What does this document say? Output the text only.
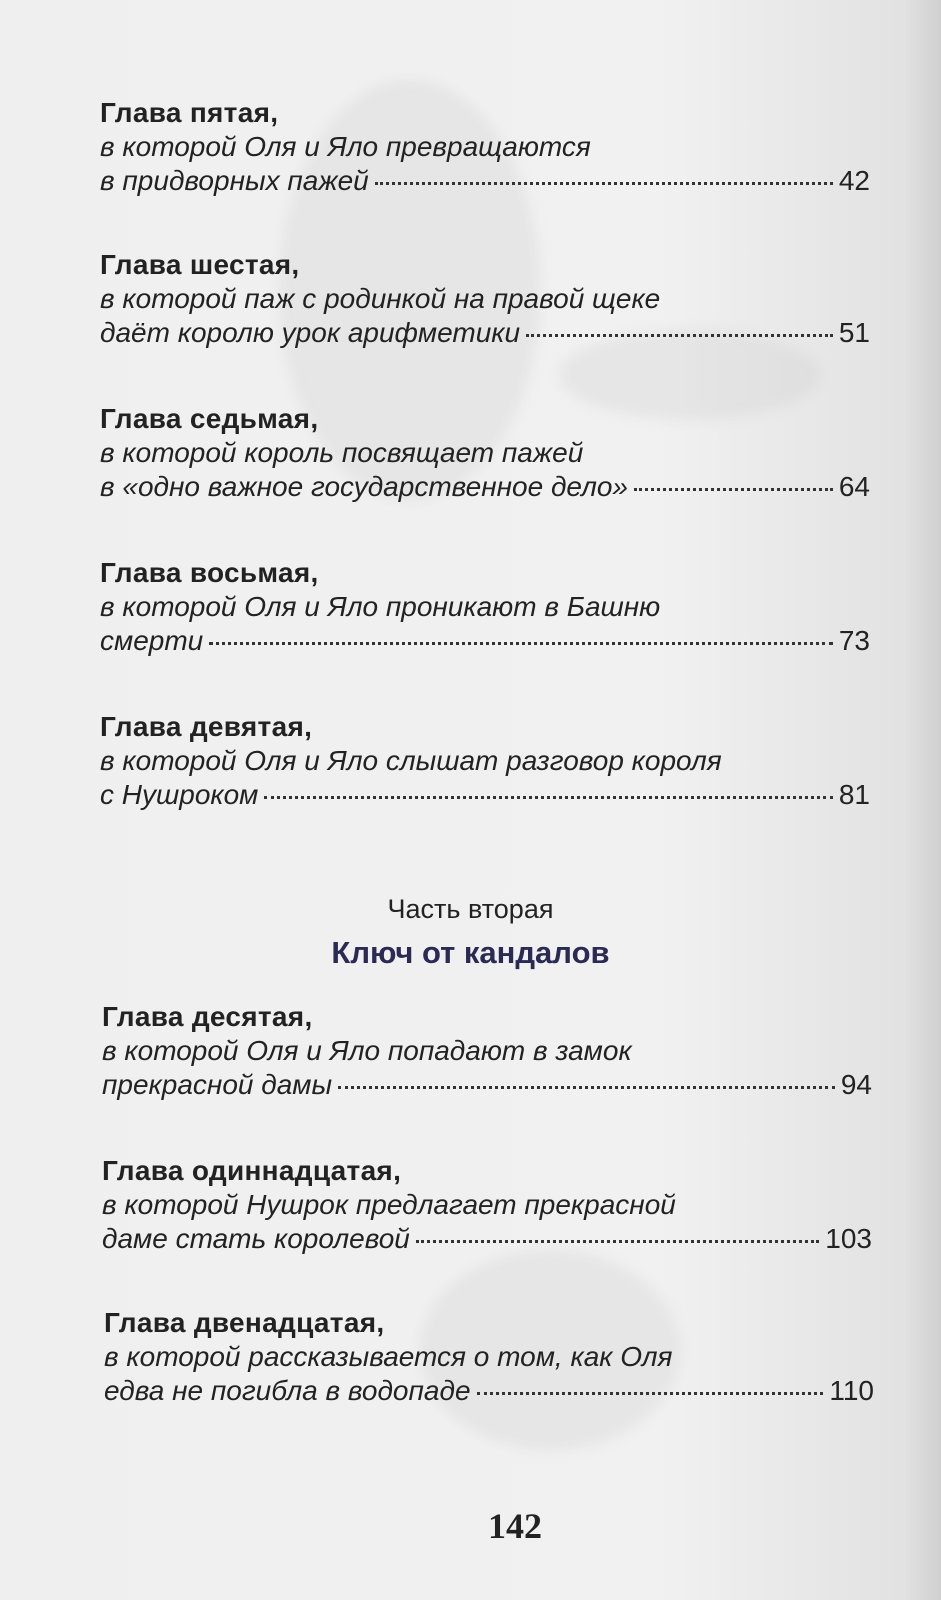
Глава пятая,
в которой Оля и Яло превращаются
в придворных пажей	42
Глава шестая,
в которой паж с родинкой на правой щеке
даёт королю урок арифметики	51
Глава седьмая,
в которой король посвящает пажей
в «одно важное государственное дело»	64
Глава восьмая,
в которой Оля и Яло проникают в Башню
смерти	73
Глава девятая,
в которой Оля и Яло слышат разговор короля
с Нушроком	81
Часть вторая
Ключ от кандалов
Глава десятая,
в которой Оля и Яло попадают в замок
прекрасной дамы	94
Глава одиннадцатая,
в которой Нушрок предлагает прекрасной
даме стать королевой	103
Глава двенадцатая,
в которой рассказывается о том, как Оля
едва не погибла в водопаде	110
142
